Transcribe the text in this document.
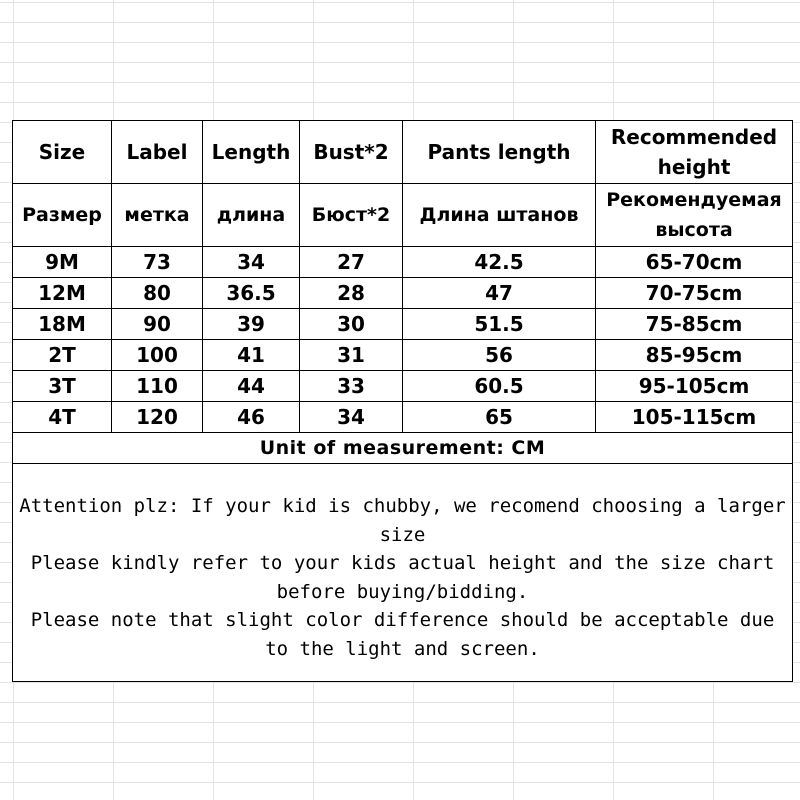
Size	Label	Length	Bust*2	Pants length	Recommended height
Размер	метка	длина	Бюст*2	Длина штанов	Рекомендуемая высота
9M	73	34	27	42.5	65-70cm
12M	80	36.5	28	47	70-75cm
18M	90	39	30	51.5	75-85cm
2T	100	41	31	56	85-95cm
3T	110	44	33	60.5	95-105cm
4T	120	46	34	65	105-115cm
Unit of measurement: CM					

Attention plz: If your kid is chubby, we recomend choosing a larger size

Please kindly refer to your kids actual height and the size chart before buying/bidding.

Please note that slight color difference should be acceptable due to the light and screen.
